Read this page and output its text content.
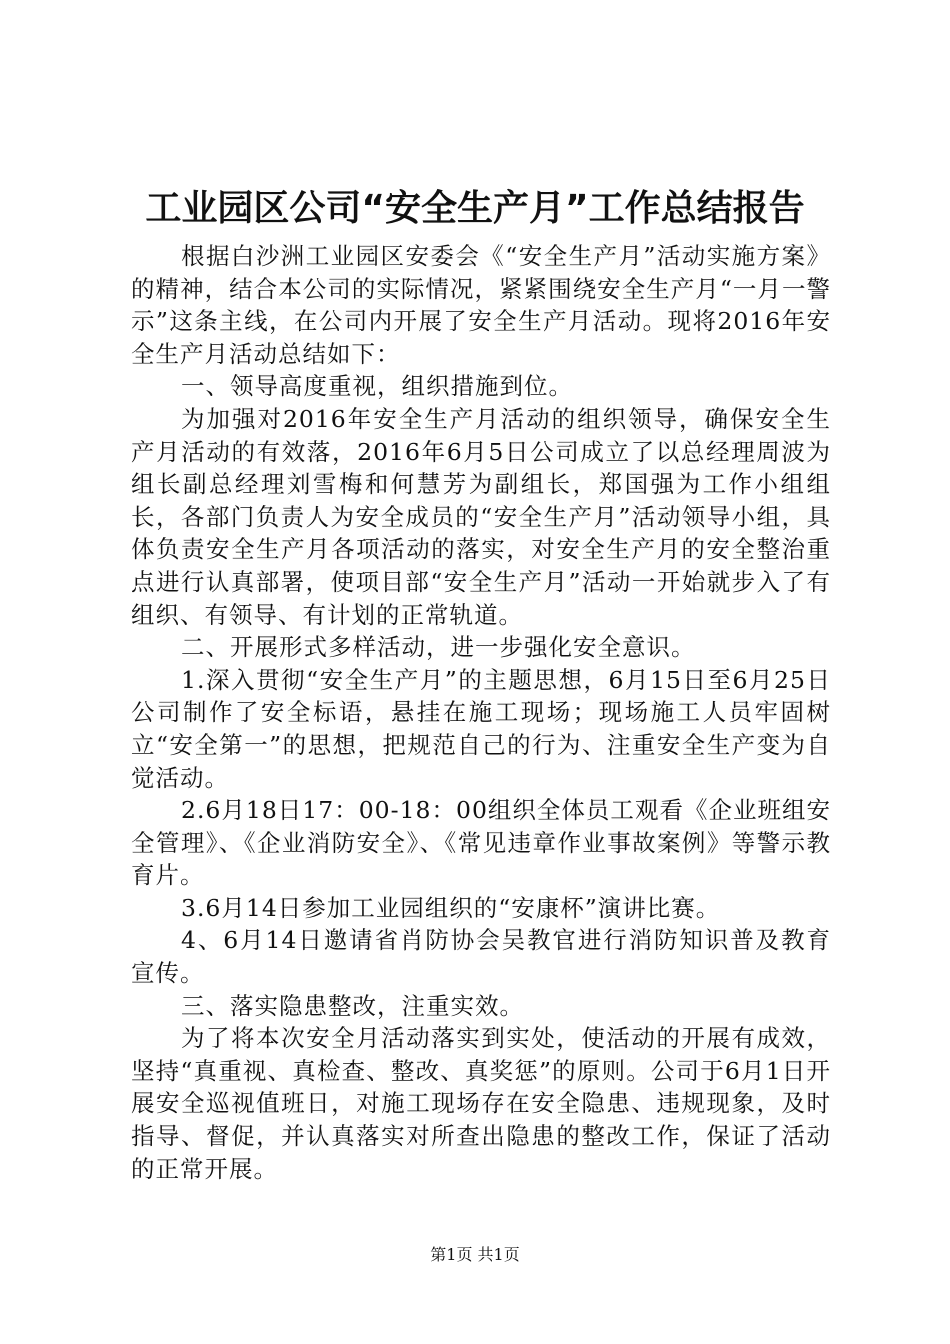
工业园区公司“安全生产月”工作总结报告

根据白沙洲工业园区安委会《“安全生产月”活动实施方案》的精神，结合本公司的实际情况，紧紧围绕安全生产月“一月一警示”这条主线，在公司内开展了安全生产月活动。现将2016年安全生产月活动总结如下：

一、领导高度重视，组织措施到位。

为加强对2016年安全生产月活动的组织领导，确保安全生产月活动的有效落，2016年6月5日公司成立了以总经理周波为组长副总经理刘雪梅和何慧芳为副组长，郑国强为工作小组组长，各部门负责人为安全成员的“安全生产月”活动领导小组，具体负责安全生产月各项活动的落实，对安全生产月的安全整治重点进行认真部署，使项目部“安全生产月”活动一开始就步入了有组织、有领导、有计划的正常轨道。

二、开展形式多样活动，进一步强化安全意识。

1.深入贯彻“安全生产月”的主题思想，6月15日至6月25日公司制作了安全标语，悬挂在施工现场；现场施工人员牢固树立“安全第一”的思想，把规范自己的行为、注重安全生产变为自觉活动。

2.6月18日17：00-18：00组织全体员工观看《企业班组安全管理》、《企业消防安全》、《常见违章作业事故案例》等警示教育片。

3.6月14日参加工业园组织的“安康杯”演讲比赛。

4、6月14日邀请省肖防协会吴教官进行消防知识普及教育宣传。

三、落实隐患整改，注重实效。

为了将本次安全月活动落实到实处，使活动的开展有成效，坚持“真重视、真检查、整改、真奖惩”的原则。公司于6月1日开展安全巡视值班日，对施工现场存在安全隐患、违规现象，及时指导、督促，并认真落实对所查出隐患的整改工作，保证了活动的正常开展。

第1页 共1页
